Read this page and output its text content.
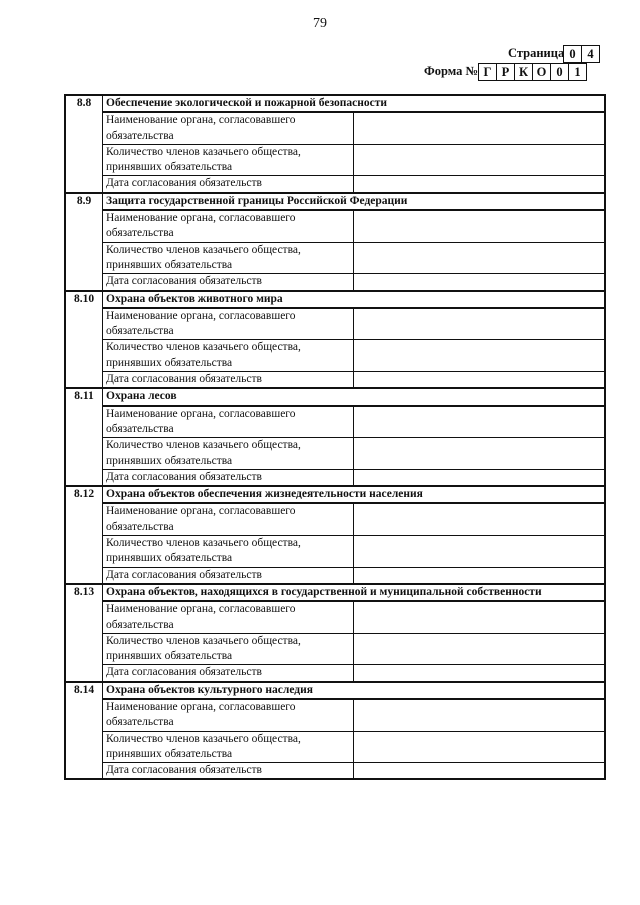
79
Страница 0 4
Форма № Г Р К О 0 1
8.8	Обеспечение экологической и пожарной безопасности	
	Наименование органа, согласовавшего обязательства	
	Количество членов казачьего общества, принявших обязательства	
	Дата согласования обязательств	
8.9	Защита государственной границы Российской Федерации	
	Наименование органа, согласовавшего обязательства	
	Количество членов казачьего общества, принявших обязательства	
	Дата согласования обязательств	
8.10	Охрана объектов животного мира	
	Наименование органа, согласовавшего обязательства	
	Количество членов казачьего общества, принявших обязательства	
	Дата согласования обязательств	
8.11	Охрана лесов	
	Наименование органа, согласовавшего обязательства	
	Количество членов казачьего общества, принявших обязательства	
	Дата согласования обязательств	
8.12	Охрана объектов обеспечения жизнедеятельности населения	
	Наименование органа, согласовавшего обязательства	
	Количество членов казачьего общества, принявших обязательства	
	Дата согласования обязательств	
8.13	Охрана объектов, находящихся в государственной и муниципальной собственности	
	Наименование органа, согласовавшего обязательства	
	Количество членов казачьего общества, принявших обязательства	
	Дата согласования обязательств	
8.14	Охрана объектов культурного наследия	
	Наименование органа, согласовавшего обязательства	
	Количество членов казачьего общества, принявших обязательства	
	Дата согласования обязательств	
